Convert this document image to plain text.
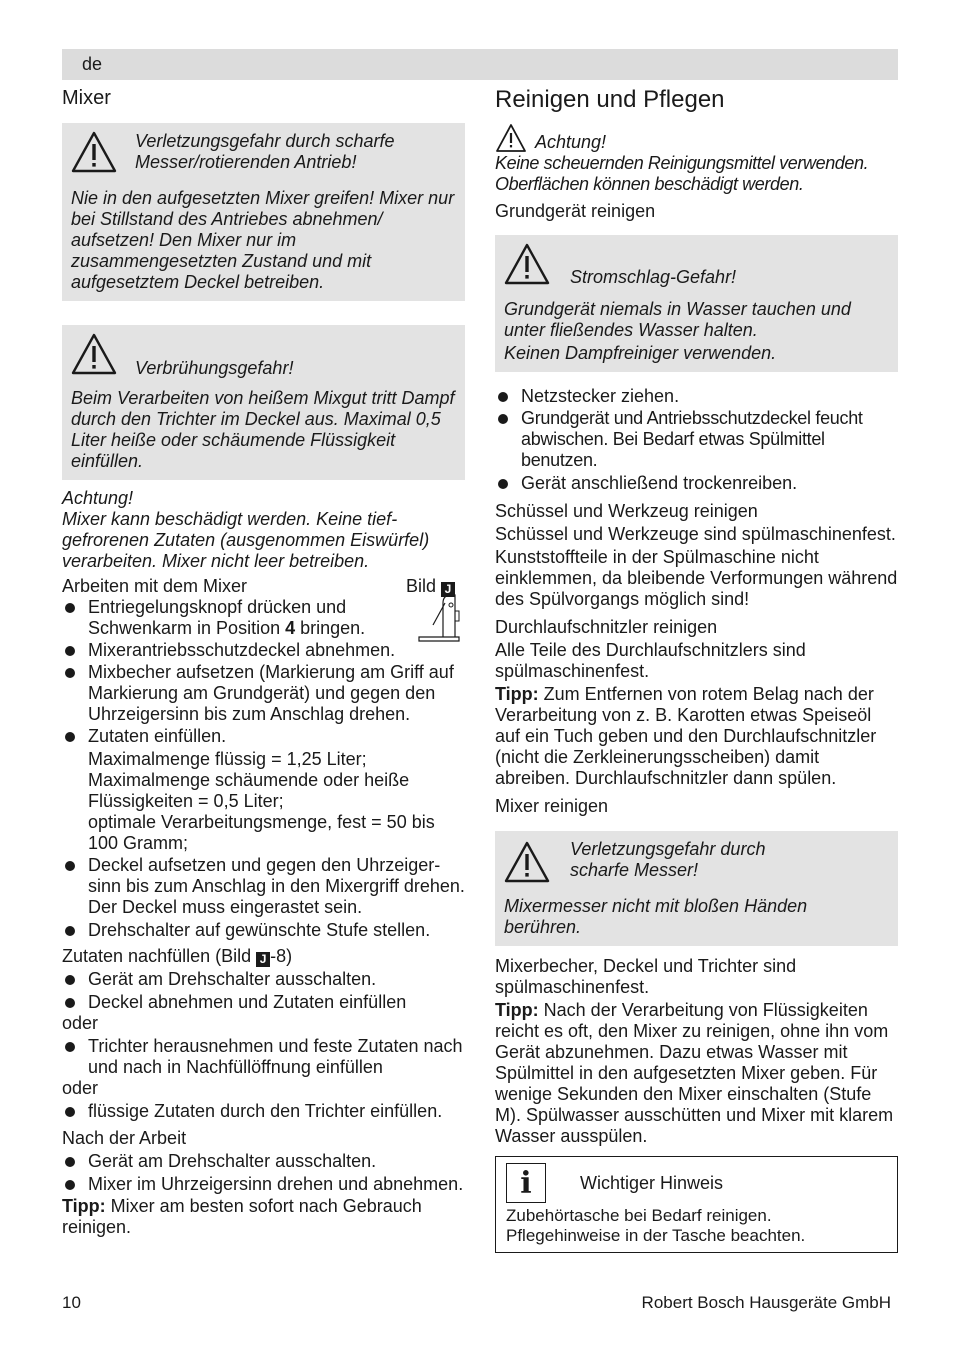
de
Mixer
Verletzungsgefahr durch scharfe Messer/rotierenden Antrieb!
Nie in den aufgesetzten Mixer greifen! Mixer nur bei Stillstand des Antriebes abnehmen/ aufsetzen! Den Mixer nur im zusammengesetzten Zustand und mit aufgesetztem Deckel betreiben.
Verbrühungsgefahr!
Beim Verarbeiten von heißem Mixgut tritt Dampf durch den Trichter im Deckel aus. Maximal 0,5 Liter heiße oder schäumende Flüssigkeit einfüllen.
Achtung!
Mixer kann beschädigt werden. Keine tiefgefrorenen Zutaten (ausgenommen Eiswürfel) verarbeiten. Mixer nicht leer betreiben.
Arbeiten mit dem Mixer	Bild J
Entriegelungsknopf drücken und Schwenkarm in Position 4 bringen.
Mixerantriebsschutzdeckel abnehmen.
Mixbecher aufsetzen (Markierung am Griff auf Markierung am Grundgerät) und gegen den Uhrzeigersinn bis zum Anschlag drehen.
Zutaten einfüllen.
Maximalmenge flüssig = 1,25 Liter;
Maximalmenge schäumende oder heiße Flüssigkeiten = 0,5 Liter;
optimale Verarbeitungsmenge, fest = 50 bis 100 Gramm;
Deckel aufsetzen und gegen den Uhrzeigersinn bis zum Anschlag in den Mixergriff drehen. Der Deckel muss eingerastet sein.
Drehschalter auf gewünschte Stufe stellen.
Zutaten nachfüllen (Bild J -8)
Gerät am Drehschalter ausschalten.
Deckel abnehmen und Zutaten einfüllen
oder
Trichter herausnehmen und feste Zutaten nach und nach in Nachfüllöffnung einfüllen
oder
flüssige Zutaten durch den Trichter einfüllen.
Nach der Arbeit
Gerät am Drehschalter ausschalten.
Mixer im Uhrzeigersinn drehen und abnehmen.
Tipp: Mixer am besten sofort nach Gebrauch reinigen.
Reinigen und Pflegen
Achtung!
Keine scheuernden Reinigungsmittel verwenden. Oberflächen können beschädigt werden.
Grundgerät reinigen
Stromschlag-Gefahr!
Grundgerät niemals in Wasser tauchen und unter fließendes Wasser halten.
Keinen Dampfreiniger verwenden.
Netzstecker ziehen.
Grundgerät und Antriebsschutzdeckel feucht abwischen. Bei Bedarf etwas Spülmittel benutzen.
Gerät anschließend trockenreiben.
Schüssel und Werkzeug reinigen
Schüssel und Werkzeuge sind spülmaschinenfest.
Kunststoffteile in der Spülmaschine nicht einklemmen, da bleibende Verformungen während des Spülvorgangs möglich sind!
Durchlaufschnitzler reinigen
Alle Teile des Durchlaufschnitzlers sind spülmaschinenfest.
Tipp: Zum Entfernen von rotem Belag nach der Verarbeitung von z. B. Karotten etwas Speiseöl auf ein Tuch geben und den Durchlaufschnitzler (nicht die Zerkleinerungsscheiben) damit abreiben. Durchlaufschnitzler dann spülen.
Mixer reinigen
Verletzungsgefahr durch scharfe Messer!
Mixermesser nicht mit bloßen Händen berühren.
Mixerbecher, Deckel und Trichter sind spülmaschinenfest.
Tipp: Nach der Verarbeitung von Flüssigkeiten reicht es oft, den Mixer zu reinigen, ohne ihn vom Gerät abzunehmen. Dazu etwas Wasser mit Spülmittel in den aufgesetzten Mixer geben. Für wenige Sekunden den Mixer einschalten (Stufe M). Spülwasser ausschütten und Mixer mit klarem Wasser ausspülen.
i	Wichtiger Hinweis
Zubehörtasche bei Bedarf reinigen.
Pflegehinweise in der Tasche beachten.
10	Robert Bosch Hausgeräte GmbH
